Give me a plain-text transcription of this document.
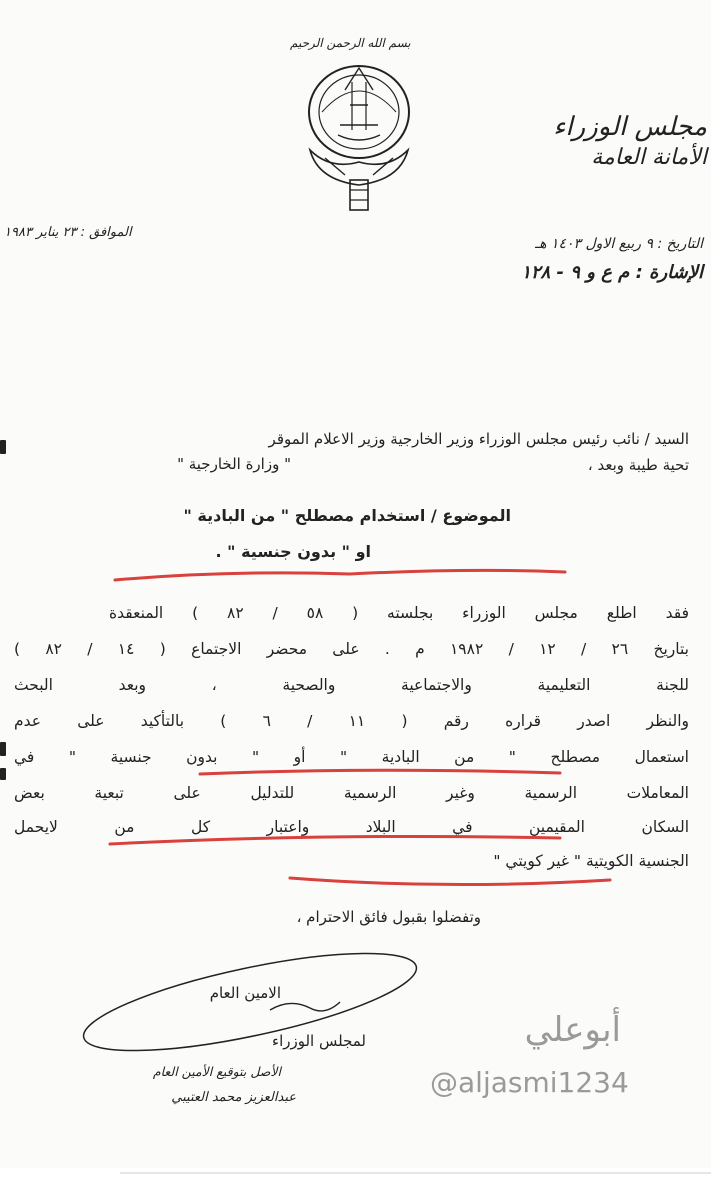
بسم الله الرحمن الرحيم
مجلس الوزراء
الأمانة العامة
الموافق : ٢٣ يناير ١٩٨٣
التاريخ : ٩ ربيع الاول ١٤٠٣ هـ
الإشارة : م ع و ٩ - ١٢٨
السيد / نائب رئيس مجلس الوزراء وزير الخارجية وزير الاعلام الموقر
" وزارة الخارجية "	تحية طيبة وبعد ،
الموضوع / استخدام مصطلح " من البادية "
او " بدون جنسية " .
فقد اطلع مجلس الوزراء بجلسته ( ٥٨ / ٨٢ ) المنعقدة
بتاريخ ٢٦ / ١٢ / ١٩٨٢ م . على محضر الاجتماع ( ١٤ / ٨٢ )
للجنة التعليمية والاجتماعية والصحية ، وبعد البحث
والنظر اصدر قراره رقم ( ١١ / ٦ ) بالتأكيد على عدم
استعمال مصطلح " من البادية " أو " بدون جنسية " في
المعاملات الرسمية وغير الرسمية للتدليل على تبعية بعض
السكان المقيمين في البلاد واعتبار كل من لايحمل
الجنسية الكويتية " غير كويتي "
وتفضلوا بقبول فائق الاحترام ،
الامين العام
لمجلس الوزراء
الأصل بتوقيع الأمين العام
عبدالعزيز محمد العتيبي
أبوعلي
@aljasmi1234
